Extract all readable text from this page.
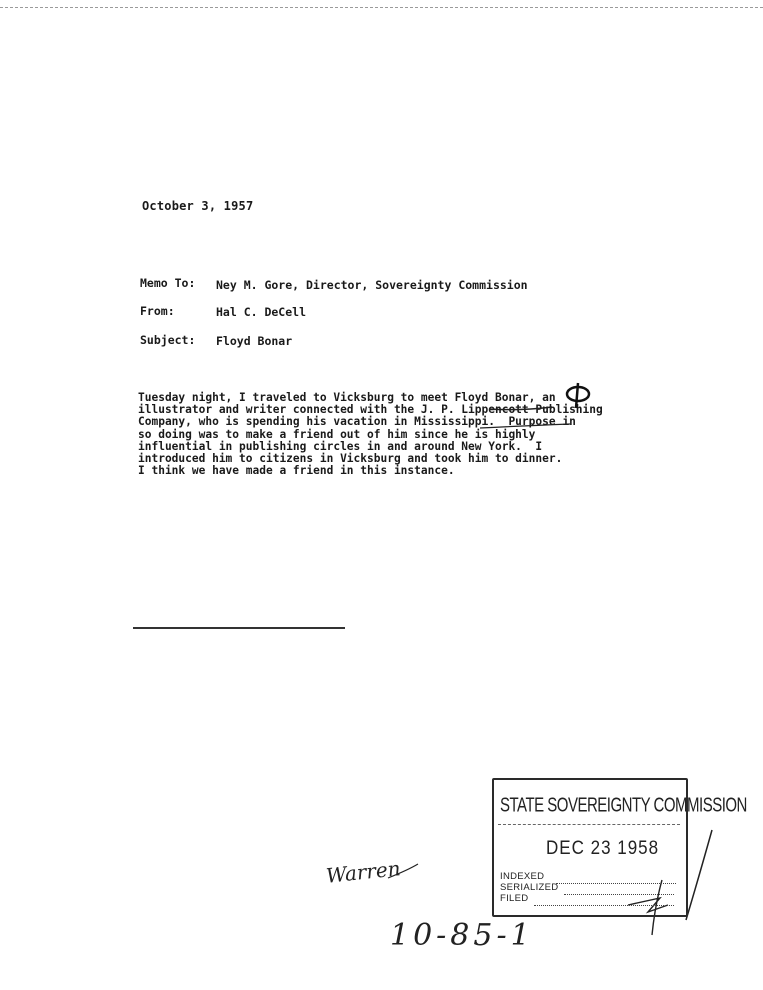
October 3, 1957
Memo To: Ney M. Gore, Director, Sovereignty Commission
From:	Hal C. DeCell
Subject: Floyd Bonar
Tuesday night, I traveled to Vicksburg to meet Floyd Bonar, an
illustrator and writer connected with the J. P. Lippencott Publishing
Company, who is spending his vacation in Mississippi.  Purpose in
so doing was to make a friend out of him since he is highly
influential in publishing circles in and around New York.  I
introduced him to citizens in Vicksburg and took him to dinner.
I think we have made a friend in this instance.
STATE SOVEREIGNTY COMMISSION
DEC 23 1958
INDEXED
SERIALIZED
FILED
Warren
10-85-1
